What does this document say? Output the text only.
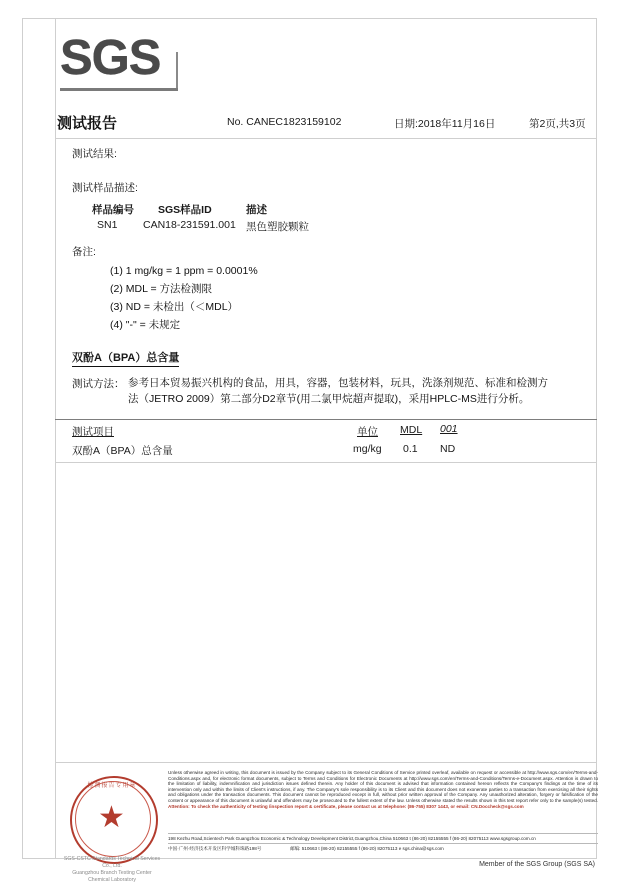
SGS
测试报告	No. CANEC1823159102	日期:2018年11月16日	第2页,共3页
测试结果:
测试样品描述:
样品编号 SGS样品ID	描述
SN1 CAN18-231591.001 黑色塑胶颗粒
备注:
(1) 1 mg/kg = 1 ppm = 0.0001%
(2) MDL = 方法检测限
(3) ND = 未检出（＜MDL）
(4) "-" = 未规定
双酚A（BPA）总含量
测试方法： 参考日本贸易振兴机构的食品，用具，容器，包装材料，玩具，洗涤剂规范、标准和检测方
法（JETRO 2009）第二部分D2章节(用二氯甲烷超声提取)，采用HPLC-MS进行分析。
测试项目	单位 MDL 001
双酚A（BPA）总含量	mg/kg 0.1 ND
检测报告专用章
★
SGS-CSTC Standards Technical Services Co., Ltd.
Guangzhou Branch Testing Center Chemical Laboratory
Unless otherwise agreed in writing, this document is issued by the Company subject to its General Conditions of Service printed overleaf, available on request or accessible at http://www.sgs.com/en/Terms-and-Conditions.aspx and, for electronic format documents, subject to Terms and Conditions for Electronic Documents at http://www.sgs.com/en/Terms-and-Conditions/Terms-e-Document.aspx. Attention is drawn to the limitation of liability, indemnification and jurisdiction issues defined therein. Any holder of this document is advised that information contained hereon reflects the Company's findings at the time of its intervention only and within the limits of Client's instructions, if any. The Company's sole responsibility is to its Client and this document does not exonerate parties to a transaction from exercising all their rights and obligations under the transaction documents. This document cannot be reproduced except in full, without prior written approval of the Company. Any unauthorized alteration, forgery or falsification of the content or appearance of this document is unlawful and offenders may be prosecuted to the fullest extent of the law. Unless otherwise stated the results shown in this test report refer only to the sample(s) tested. Attention: To check the authenticity of testing /inspection report & certificate, please contact us at telephone: (86-755) 8307 1443, or email: CN.Doccheck@sgs.com
198 Kezhu Road,Scientech Park Guangzhou Economic & Technology Development District,Guangzhou,China 510663 t (86-20) 82155555 f (86-20) 82075113 www.sgsgroup.com.cn
中国·广州·经济技术开发区科学城科珠路198号	邮编: 510663 t (86-20) 82155555 f (86-20) 82075113 e sgs.china@sgs.com
Member of the SGS Group (SGS SA)
